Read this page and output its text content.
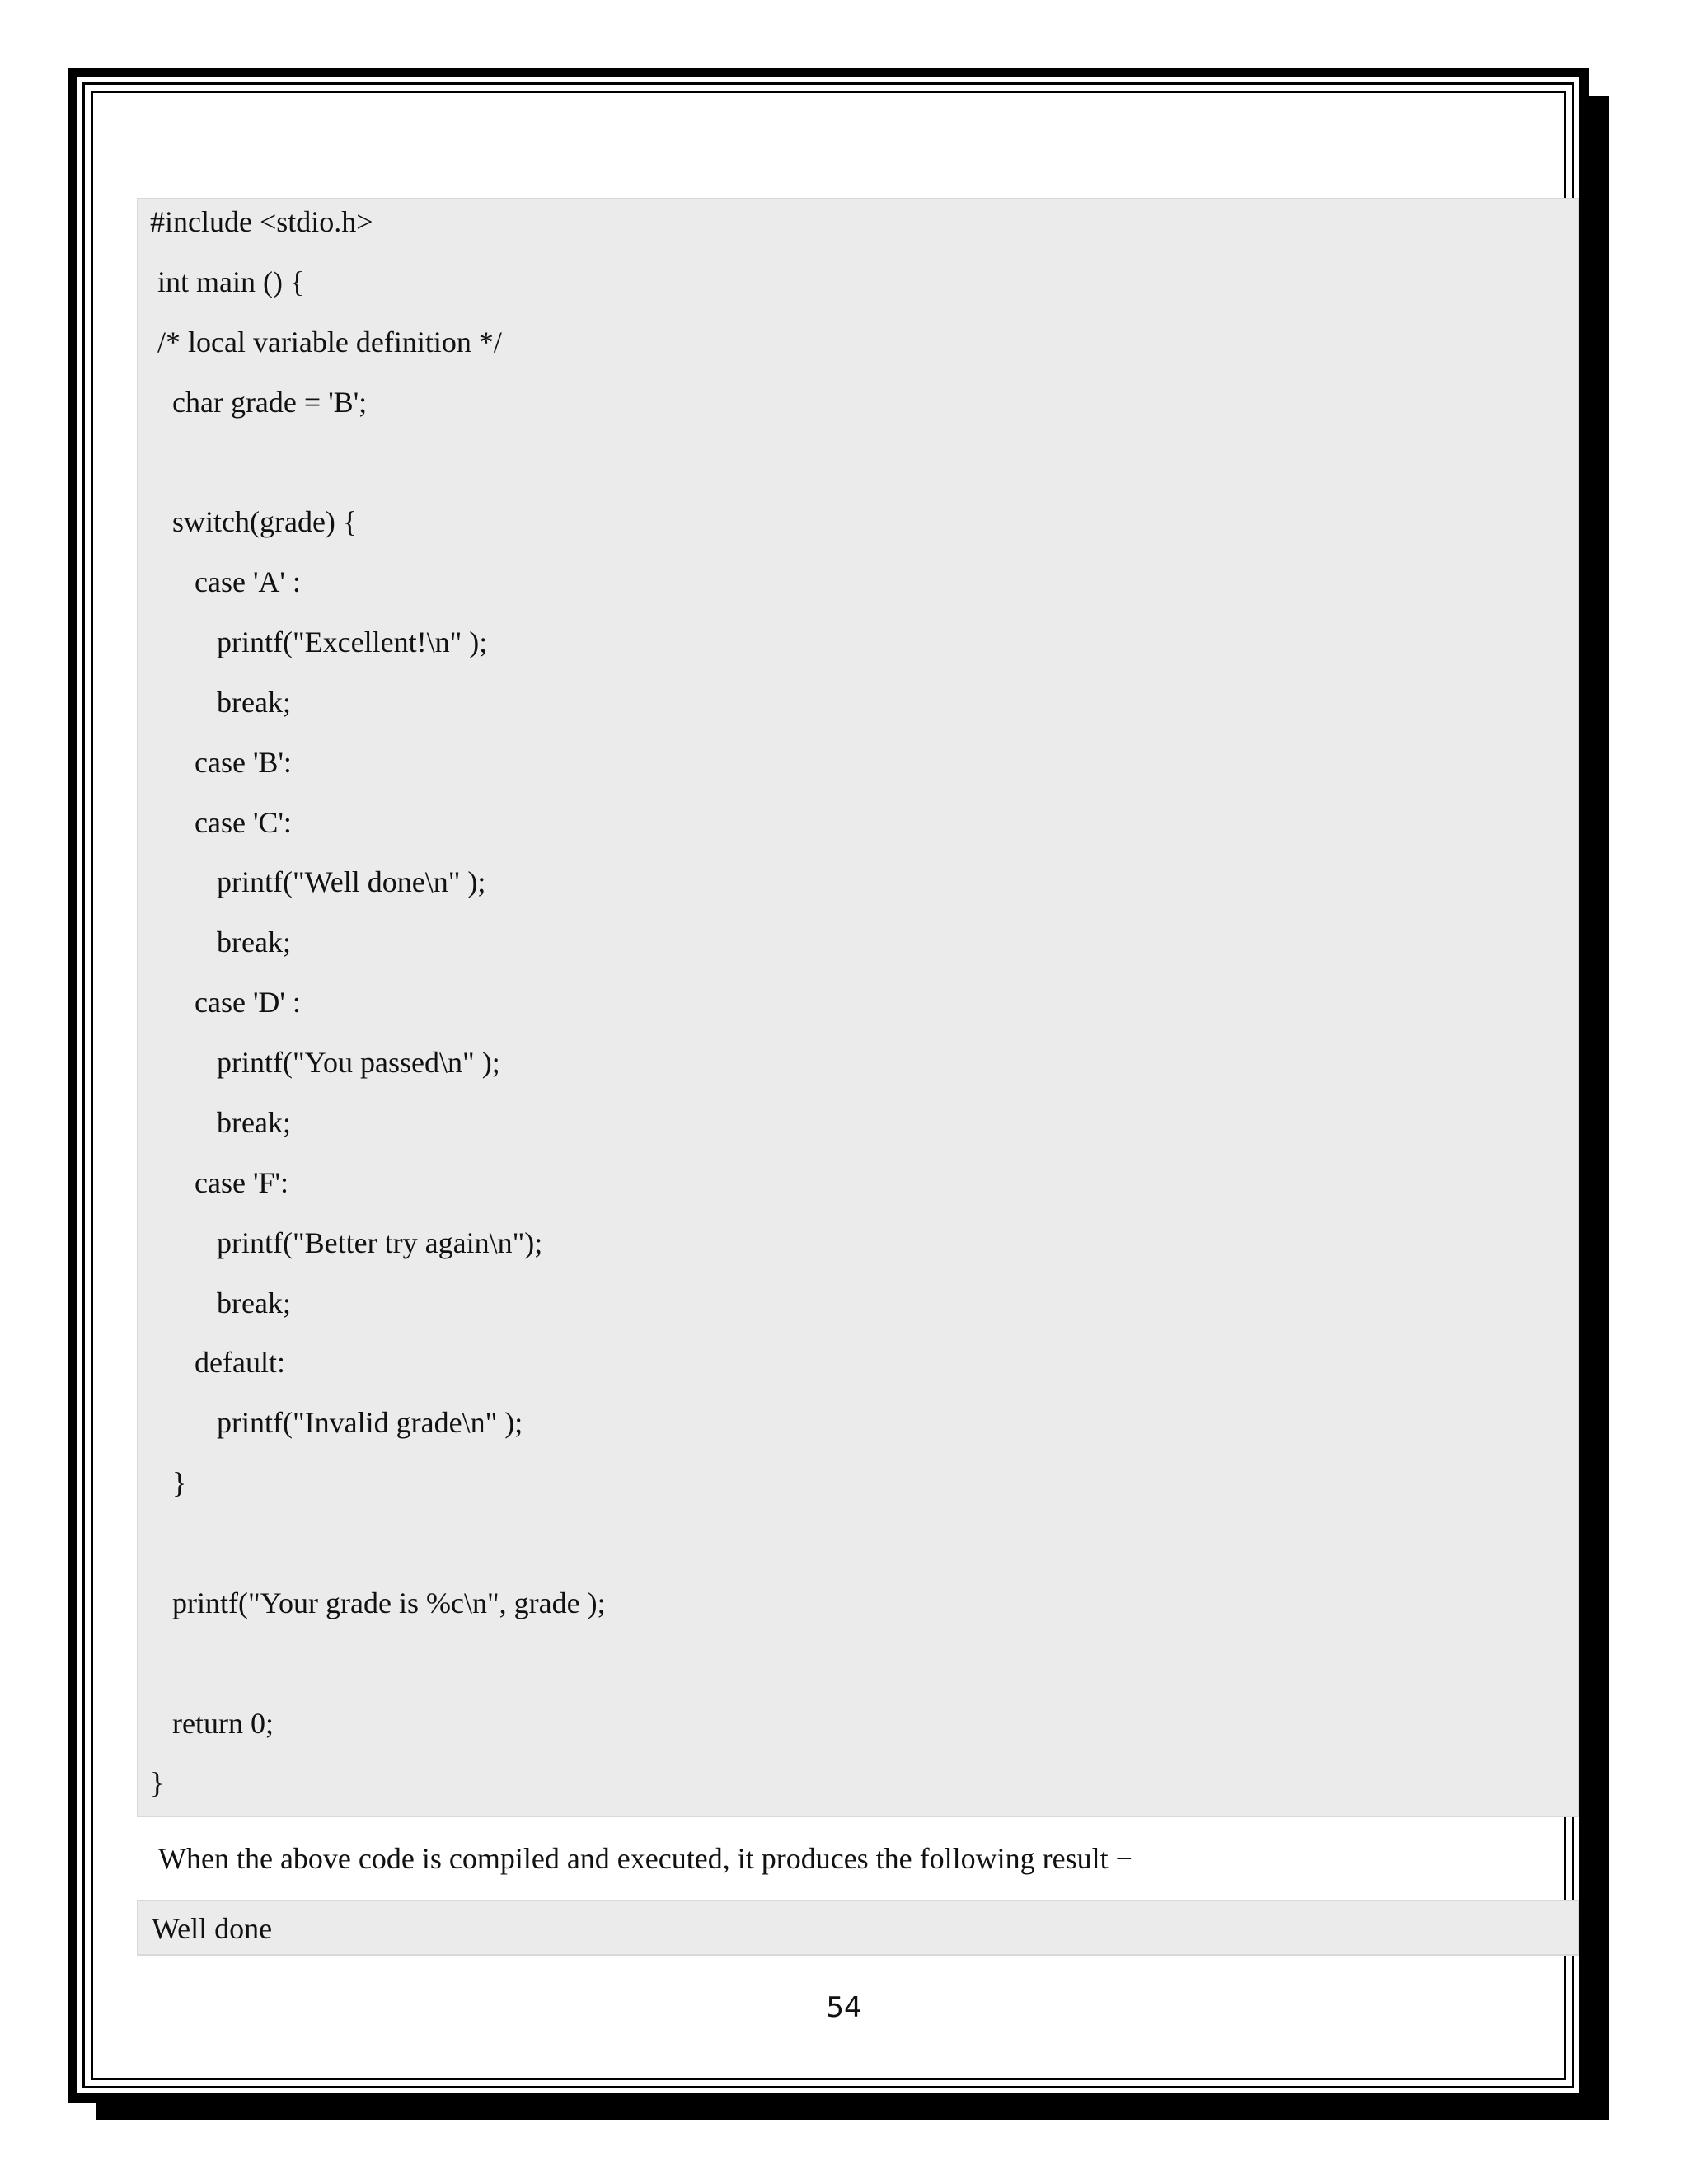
#include <stdio.h>
int main () {
/* local variable definition */
char grade = 'B';
switch(grade) {
case 'A' :
printf("Excellent!\n" );
break;
case 'B':
case 'C':
printf("Well done\n" );
break;
case 'D' :
printf("You passed\n" );
break;
case 'F':
printf("Better try again\n");
break;
default:
printf("Invalid grade\n" );
}
printf("Your grade is %c\n", grade );
return 0;
}
When the above code is compiled and executed, it produces the following result −
Well done
54
